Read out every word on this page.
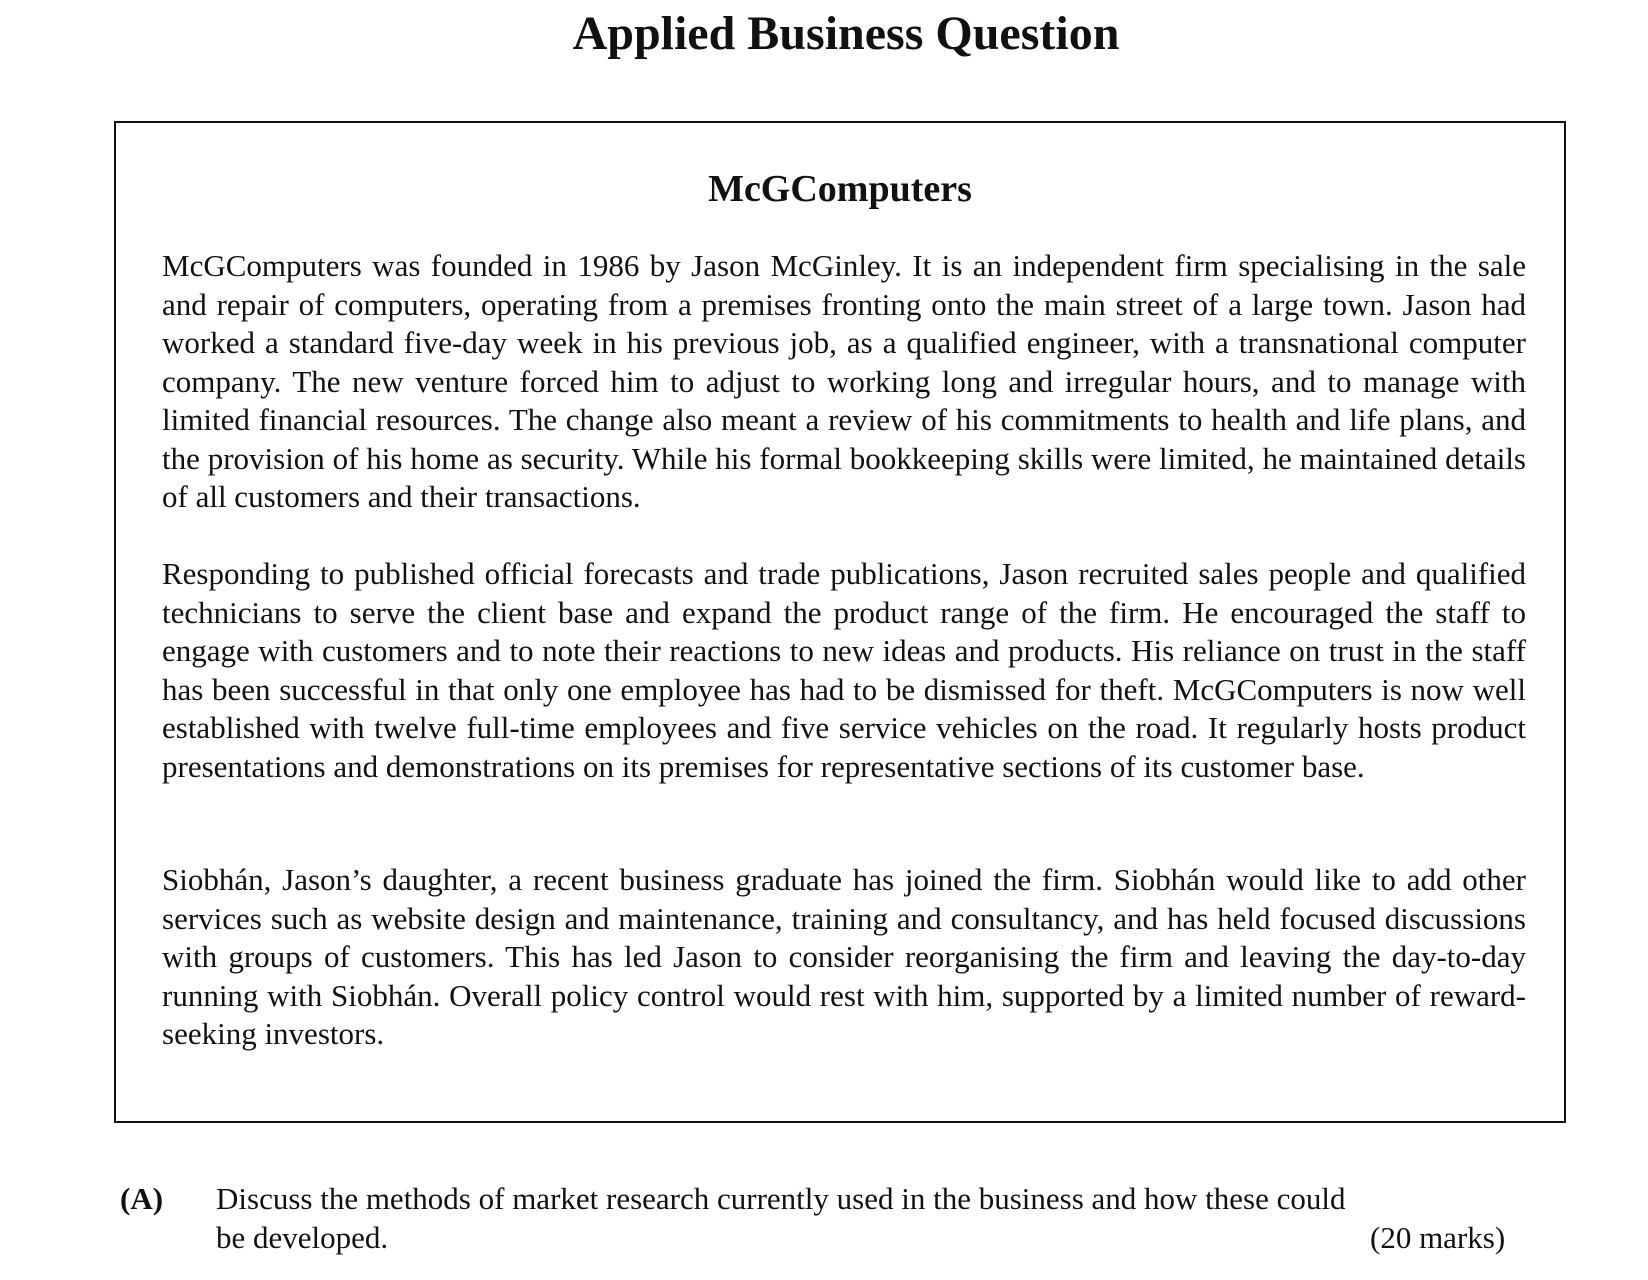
Applied Business Question
McGComputers

McGComputers was founded in 1986 by Jason McGinley. It is an independent firm specialising in the sale and repair of computers, operating from a premises fronting onto the main street of a large town. Jason had worked a standard five-day week in his previous job, as a qualified engineer, with a transnational computer company. The new venture forced him to adjust to working long and irregular hours, and to manage with limited financial resources. The change also meant a review of his commitments to health and life plans, and the provision of his home as security. While his formal bookkeeping skills were limited, he maintained details of all customers and their transactions.

Responding to published official forecasts and trade publications, Jason recruited sales people and qualified technicians to serve the client base and expand the product range of the firm. He encouraged the staff to engage with customers and to note their reactions to new ideas and products. His reliance on trust in the staff has been successful in that only one employee has had to be dismissed for theft. McGComputers is now well established with twelve full-time employees and five service vehicles on the road. It regularly hosts product presentations and demonstrations on its premises for representative sections of its customer base.

Siobhán, Jason’s daughter, a recent business graduate has joined the firm. Siobhán would like to add other services such as website design and maintenance, training and consultancy, and has held focused discussions with groups of customers. This has led Jason to consider reorganising the firm and leaving the day-to-day running with Siobhán. Overall policy control would rest with him, supported by a limited number of reward-seeking investors.

(A) Discuss the methods of market research currently used in the business and how these could be developed.	(20 marks)
